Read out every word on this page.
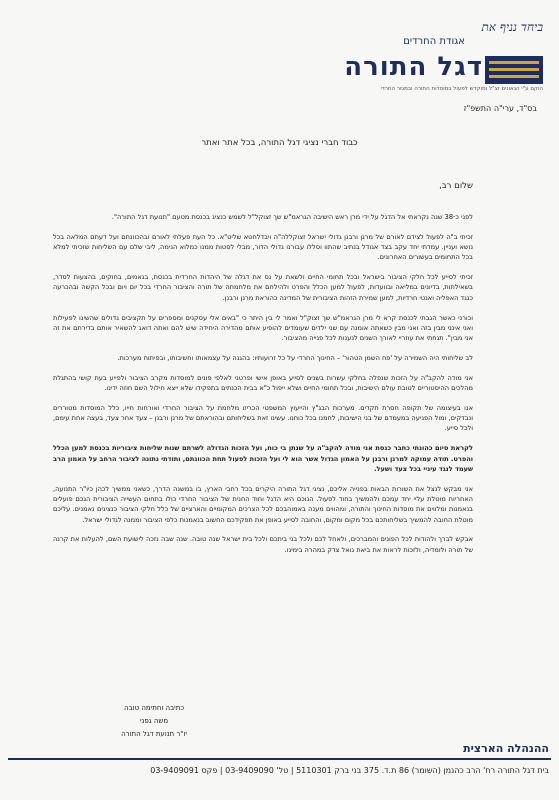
ביחד נניף את
אגודת החרדים
דגל התורה
הוקם ע"י הגאונים זצ"ל ומוקדש לפעול במוסדות התורה ובמגזר החרדי
בס"ד, ערי"ה התשפ"ז
כבוד חברי נציגי דגל התורה, בכל אתר ואתר
שלום רב,

לפני כ-38 שנה נקראתי אל הדגל על ידי מרן ראש הישיבה הגראמ"ש שך זצוקל"ל לשמש כנציג בכנסת מטעם "תנועת דגל התורה".

זכיתי ב"ה לפעול לצידם לאורם של מרנן ורבנן גדולי ישראל זצוקללה"ה ויבדלחטא שליט"א. כל העת פעלתי לאורם ובהכוונתם ועל דעתם המלאה בכל נושא ועניין. עמדתי יחד עקב בצד אגודל בנתיב שהתוו וסללו עבורנו גדולי הדור, מבלי לסטות ממנו כמלוא הנימה, ליבי שלם עם השליחות שזכיתי למלא בכל התחומים בעשורים האחרונים.

זכיתי לסייע לכל חלקי הציבור בישראל ובכל תחומי החיים ולשאת על נס את דגלה של היהדות החרדית בכנסת, בגאמים, בחוקים, בהצעות לסדר, בשאילתות, בדיונים במליאה ובוועדות, לפעול למען הכלל והפרט ולהילחם את מלחמתה של תורה והציבור החרדי בכל יום ויום ובכל הקשה ובהכרעה כנגד האפליה ואנטי חרדיות, למען שמירת הזהות הציבורית של המדינה כהוראת מרנן ורבנן.

וכורני כאשר הגבתי לכנסת קרא לי מרן הגראמ"ש שך זצוק"ל ואמר לי בין היתר כי "באים אלי עסקנים ומספרים על תקציבים גדולים שהשיגו לפעילות ואני אינני מבין בזה ואני מבין כשאתה אומנה עם שני ילדים שעומדים להופיע אותם מהדירה היחידה שיש להם ואתה דואג להשאיר אותם בדירתם את זה אני מבין". תנחתי את עוזריי לאורך השנים לנענות לכל פנייה מהציבור.

לב שליחותי היה השמירה על 'פח השמן הטהור' – החינוך החרדי על כל זרועותיו: בהגנה על עצמאותו וחשיבותו, ובפיתוח מערכות.

אני מודה להקב"ה על הזכות שנפלה בחלקי עשרות בשנים לסייע באופן אישי ופרטני לאלפי פונים למוסדות מקרב הציבור ולפייע בעת קושי בהתגלת מהלכים ההיסטוריים לטובת עולם הישיבות, ובכל תחומי החיים ושלא ייפול כ"א בבית הכנתים בתפקידו שלא ייצא חילול השם חוזה ידינו.

אנו בעיצומה של תקופה חסרת תקדים. מערכות הבג"ץ והייעוץ המשפטי הכריזו מלחמת על הציבור החרדי ואורחות חייו, כלל המוסדות מטוררים ונבדקים, ומול הפגיעה במעמדם של בני הישיבות, לחמנו בכל כוחנו. עשינו זאת בשליחותם ובהוראתם של מרנן ורבנן – צעד אחר צעד, בעצה אחת עימם, ולכל סייע.

לקראת סיום כהונתי כחבר כנסת אני מודה להקב"ה על שנתן בי כוח, ועל הזכות הגדולה לשרתם שנות שליחות ציבוריות בכנסת למען הכלל והפרט. תודה עמוקה למרנן ורבנן על האמון הגדול אשר הוא לי ועל הזכות לפעול תחת הכוונתם, ותודתי נתונה לציבור הרחב על האמון הרב שעמד לנגד עיניי בכל צעד ושעל.

אני מבקש לנצל את השורות הבאות בפנייה אליכם, נציגי דגל התורה היקרים בכל רחבי הארץ, בו במשנה הדרך, כשאני ממשיך לכהן כיו"ר התנועה, האחריות מוטלת עליי יחד עמכם ולהמשיך בחוד לפעול. הנוכם היא הדגל וחוד החנית של הציבור החרדי כולו בתחום העשייה הציבורית הגכם פועלים בנאמנות ומלווים את מוסדות החינוך והתורה, ומהווים מענה באמוהבכם לכל הצרכים המקומיים והארציים של כלל חלקי הציבור כנציגים נאמנים. עליכם מוטלת החובה להמשיך בשליחותכם בכל מקום ומקום, והחובה לסייע באופן את תפקידכם החשוב בנאמנות כלפי הציבור וממנה לגדולי ישראל.

אבקש לברך ולהודות לכל הפונים והמברכים, ולאחל לכם ולכל בני ביתכם ולכל בית ישראל שנה טובה. שנה שבה נזכה לישועת השם, להעלות את קרנה של תורה ולומדיה, ולזכות לראות את ביאת גואל צדק במהרה בימינו.

כתיבה וחתימה טובה
משה גפני
יו"ר תנועת דגל התורה
ההנהלה הארצית
בית דגל התורה רח' הרב כהנמן (השומר) 86 ת.ד. 375 בני ברק 5110301 | טל' 03-9409090 | פקס 03-9409091
